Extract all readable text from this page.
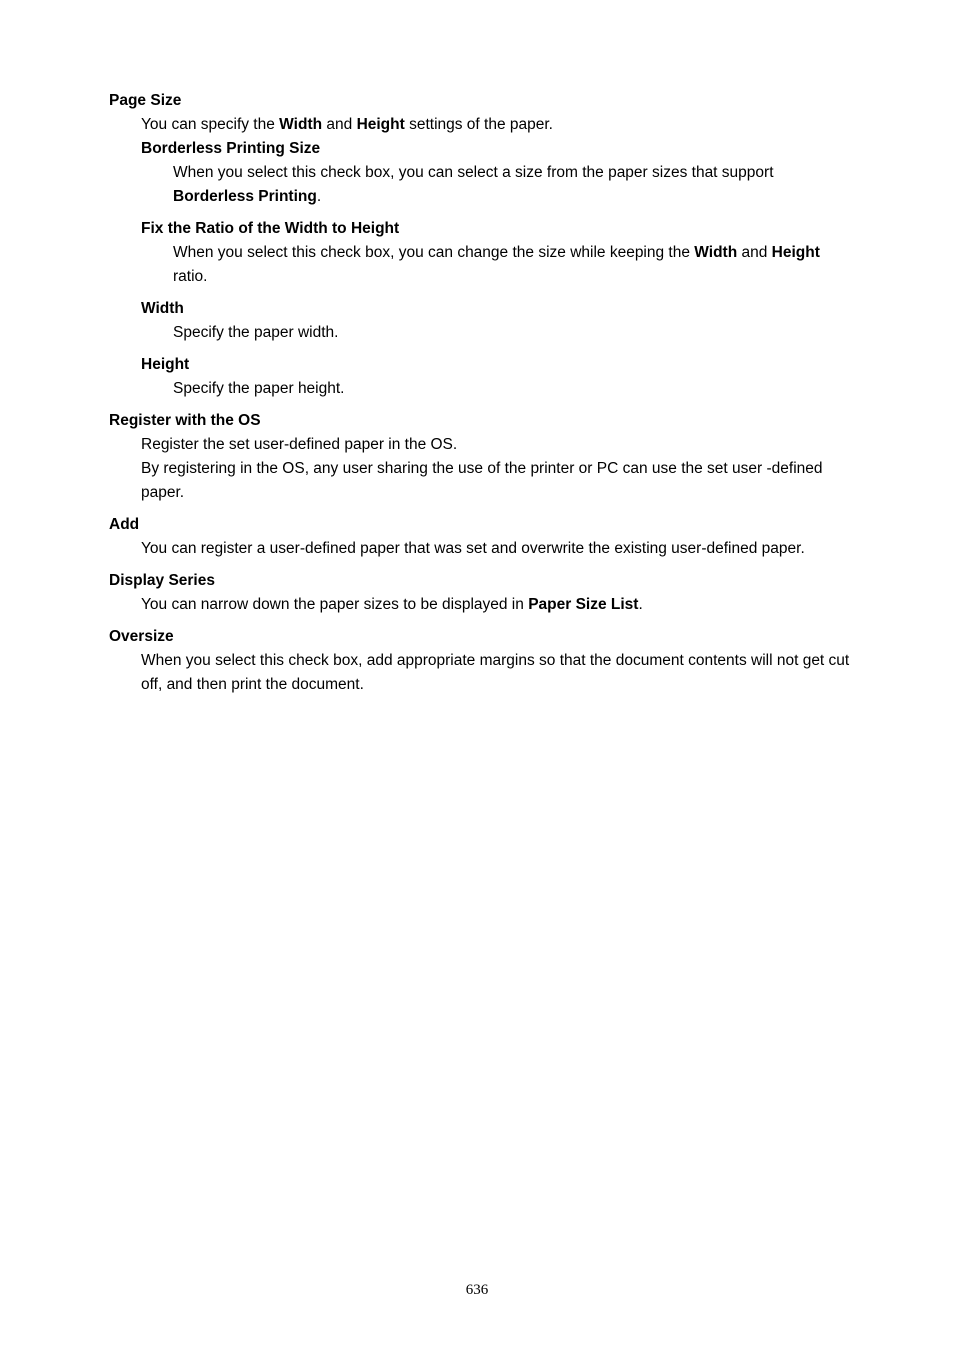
Page Size

You can specify the Width and Height settings of the paper.

Borderless Printing Size

When you select this check box, you can select a size from the paper sizes that support Borderless Printing.

Fix the Ratio of the Width to Height

When you select this check box, you can change the size while keeping the Width and Height ratio.

Width

Specify the paper width.

Height

Specify the paper height.

Register with the OS

Register the set user-defined paper in the OS.

By registering in the OS, any user sharing the use of the printer or PC can use the set user -defined paper.

Add

You can register a user-defined paper that was set and overwrite the existing user-defined paper.

Display Series

You can narrow down the paper sizes to be displayed in Paper Size List.

Oversize

When you select this check box, add appropriate margins so that the document contents will not get cut off, and then print the document.

636
